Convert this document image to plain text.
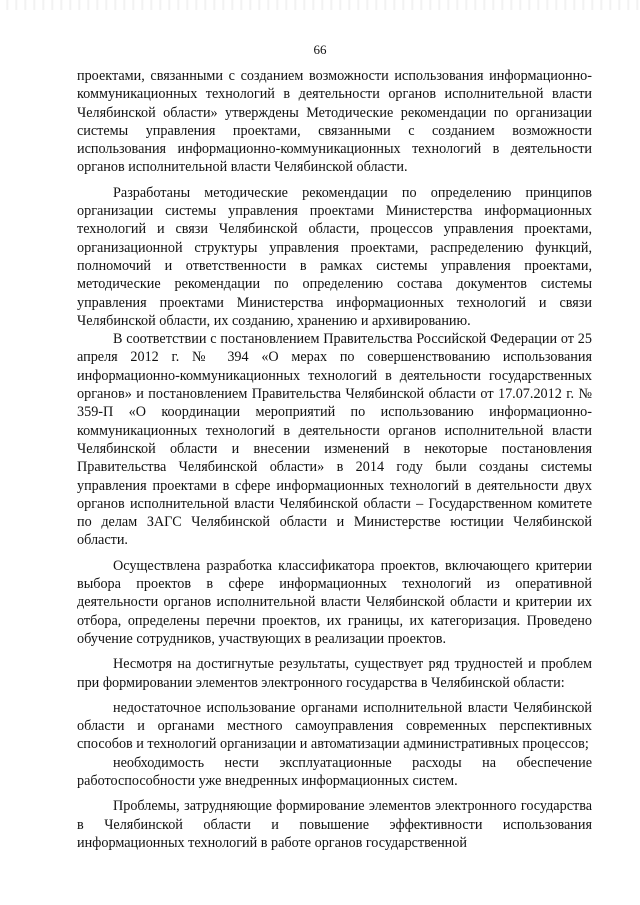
66

проектами, связанными с созданием возможности использования информационно-коммуникационных технологий в деятельности органов исполнительной власти Челябинской области» утверждены Методические рекомендации по организации системы управления проектами, связанными с созданием возможности использования информационно-коммуникационных технологий в деятельности органов исполнительной власти Челябинской области.

Разработаны методические рекомендации по определению принципов организации системы управления проектами Министерства информационных технологий и связи Челябинской области, процессов управления проектами, организационной структуры управления проектами, распределению функций, полномочий и ответственности в рамках системы управления проектами, методические рекомендации по определению состава документов системы управления проектами Министерства информационных технологий и связи Челябинской области, их созданию, хранению и архивированию.

В соответствии с постановлением Правительства Российской Федерации от 25 апреля 2012 г. № 394 «О мерах по совершенствованию использования информационно-коммуникационных технологий в деятельности государственных органов» и постановлением Правительства Челябинской области от 17.07.2012 г. № 359-П «О координации мероприятий по использованию информационно-коммуникационных технологий в деятельности органов исполнительной власти Челябинской области и внесении изменений в некоторые постановления Правительства Челябинской области» в 2014 году были созданы системы управления проектами в сфере информационных технологий в деятельности двух органов исполнительной власти Челябинской области – Государственном комитете по делам ЗАГС Челябинской области и Министерстве юстиции Челябинской области.

Осуществлена разработка классификатора проектов, включающего критерии выбора проектов в сфере информационных технологий из оперативной деятельности органов исполнительной власти Челябинской области и критерии их отбора, определены перечни проектов, их границы, их категоризация. Проведено обучение сотрудников, участвующих в реализации проектов.

Несмотря на достигнутые результаты, существует ряд трудностей и проблем при формировании элементов электронного государства в Челябинской области:

недостаточное использование органами исполнительной власти Челябинской области и органами местного самоуправления современных перспективных способов и технологий организации и автоматизации административных процессов;

необходимость нести эксплуатационные расходы на обеспечение работоспособности уже внедренных информационных систем.

Проблемы, затрудняющие формирование элементов электронного государства в Челябинской области и повышение эффективности использования информационных технологий в работе органов государственной
